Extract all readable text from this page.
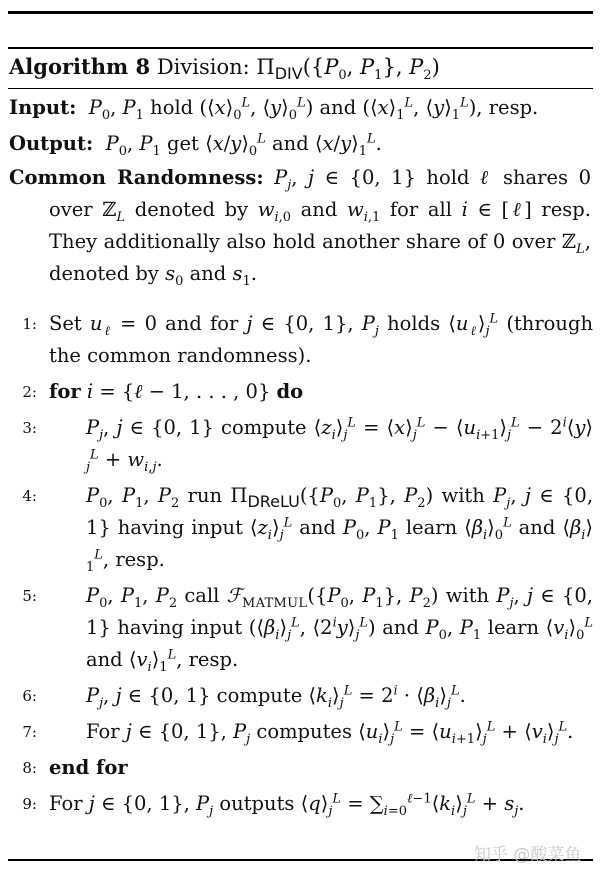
Algorithm 8 Division: $\Pi_{DIV}(\{P_0$, $P_1$}, $P_2$)
Input: $P_0$, $P_1$ hold ($⟨x⟩_0^L$, $⟨y⟩_0^L$) and ($⟨x⟩_1^L$, $⟨y⟩_1^L$), resp.
Output: $P_0$, $P_1$ get $⟨x/y⟩_0^L$ and $⟨x/y⟩_1^L$.
Common Randomness: $P_j$, j ∈ {0, 1} hold ℓ shares 0 over ℤ$_L$ denoted by $w_{i,0}$ and $w_{i,1}$ for all i ∈ [ℓ] resp. They additionally also hold another share of 0 over ℤ$_L$, denoted by $s_0$ and $s_1$.
1: Set $u_\ell = 0$ and for j ∈ {0, 1}, $P_j$ holds $⟨u_\ell⟩_j^L$ (through the common randomness).
2: for i = {ℓ − 1, . . . , 0} do
3:	$P_j$, j ∈ {0, 1} compute $⟨z_i⟩_j^L$ = $⟨x⟩_j^L$ − $⟨u_{i+1}⟩_j^L$ − $2^i⟨y⟩_j^L + w_{i,j}$.
4:	$P_0$, $P_1$, $P_2$ run $\Pi_{DReLU}(\{P_0$, $P_1$}, $P_2$) with $P_j$, j ∈ {0, 1} having input $⟨z_i⟩_j^L$ and $P_0$, $P_1$ learn $⟨\beta_i⟩_0^L$ and $⟨\beta_i⟩_1^L$, resp.
5:	$P_0$, $P_1$, $P_2$ call $ℱ_{MATMUL}(\{P_0$, $P_1$}, $P_2$) with $P_j$, j ∈ {0, 1} having input ($⟨\beta_i⟩_j^L$, $⟨2^iy⟩_j^L$) and $P_0$, $P_1$ learn $⟨v_i⟩_0^L$ and $⟨v_i⟩_1^L$, resp.
6:	$P_j$, j ∈ {0, 1} compute $⟨k_i⟩_j^L = 2^i$ · $⟨\beta_i⟩_j^L$.
7:	For j ∈ {0, 1}, $P_j$ computes $⟨u_i⟩_j^L$ = $⟨u_{i+1}⟩_j^L$ + $⟨v_i⟩_j^L$.
8: end for
9: For j ∈ {0, 1}, $P_j$ outputs $⟨q⟩_j^L$ = $\sum_{i=0}^{\ell-1}⟨k_i⟩_j^L + s_j$.
知乎 @酸菜鱼
